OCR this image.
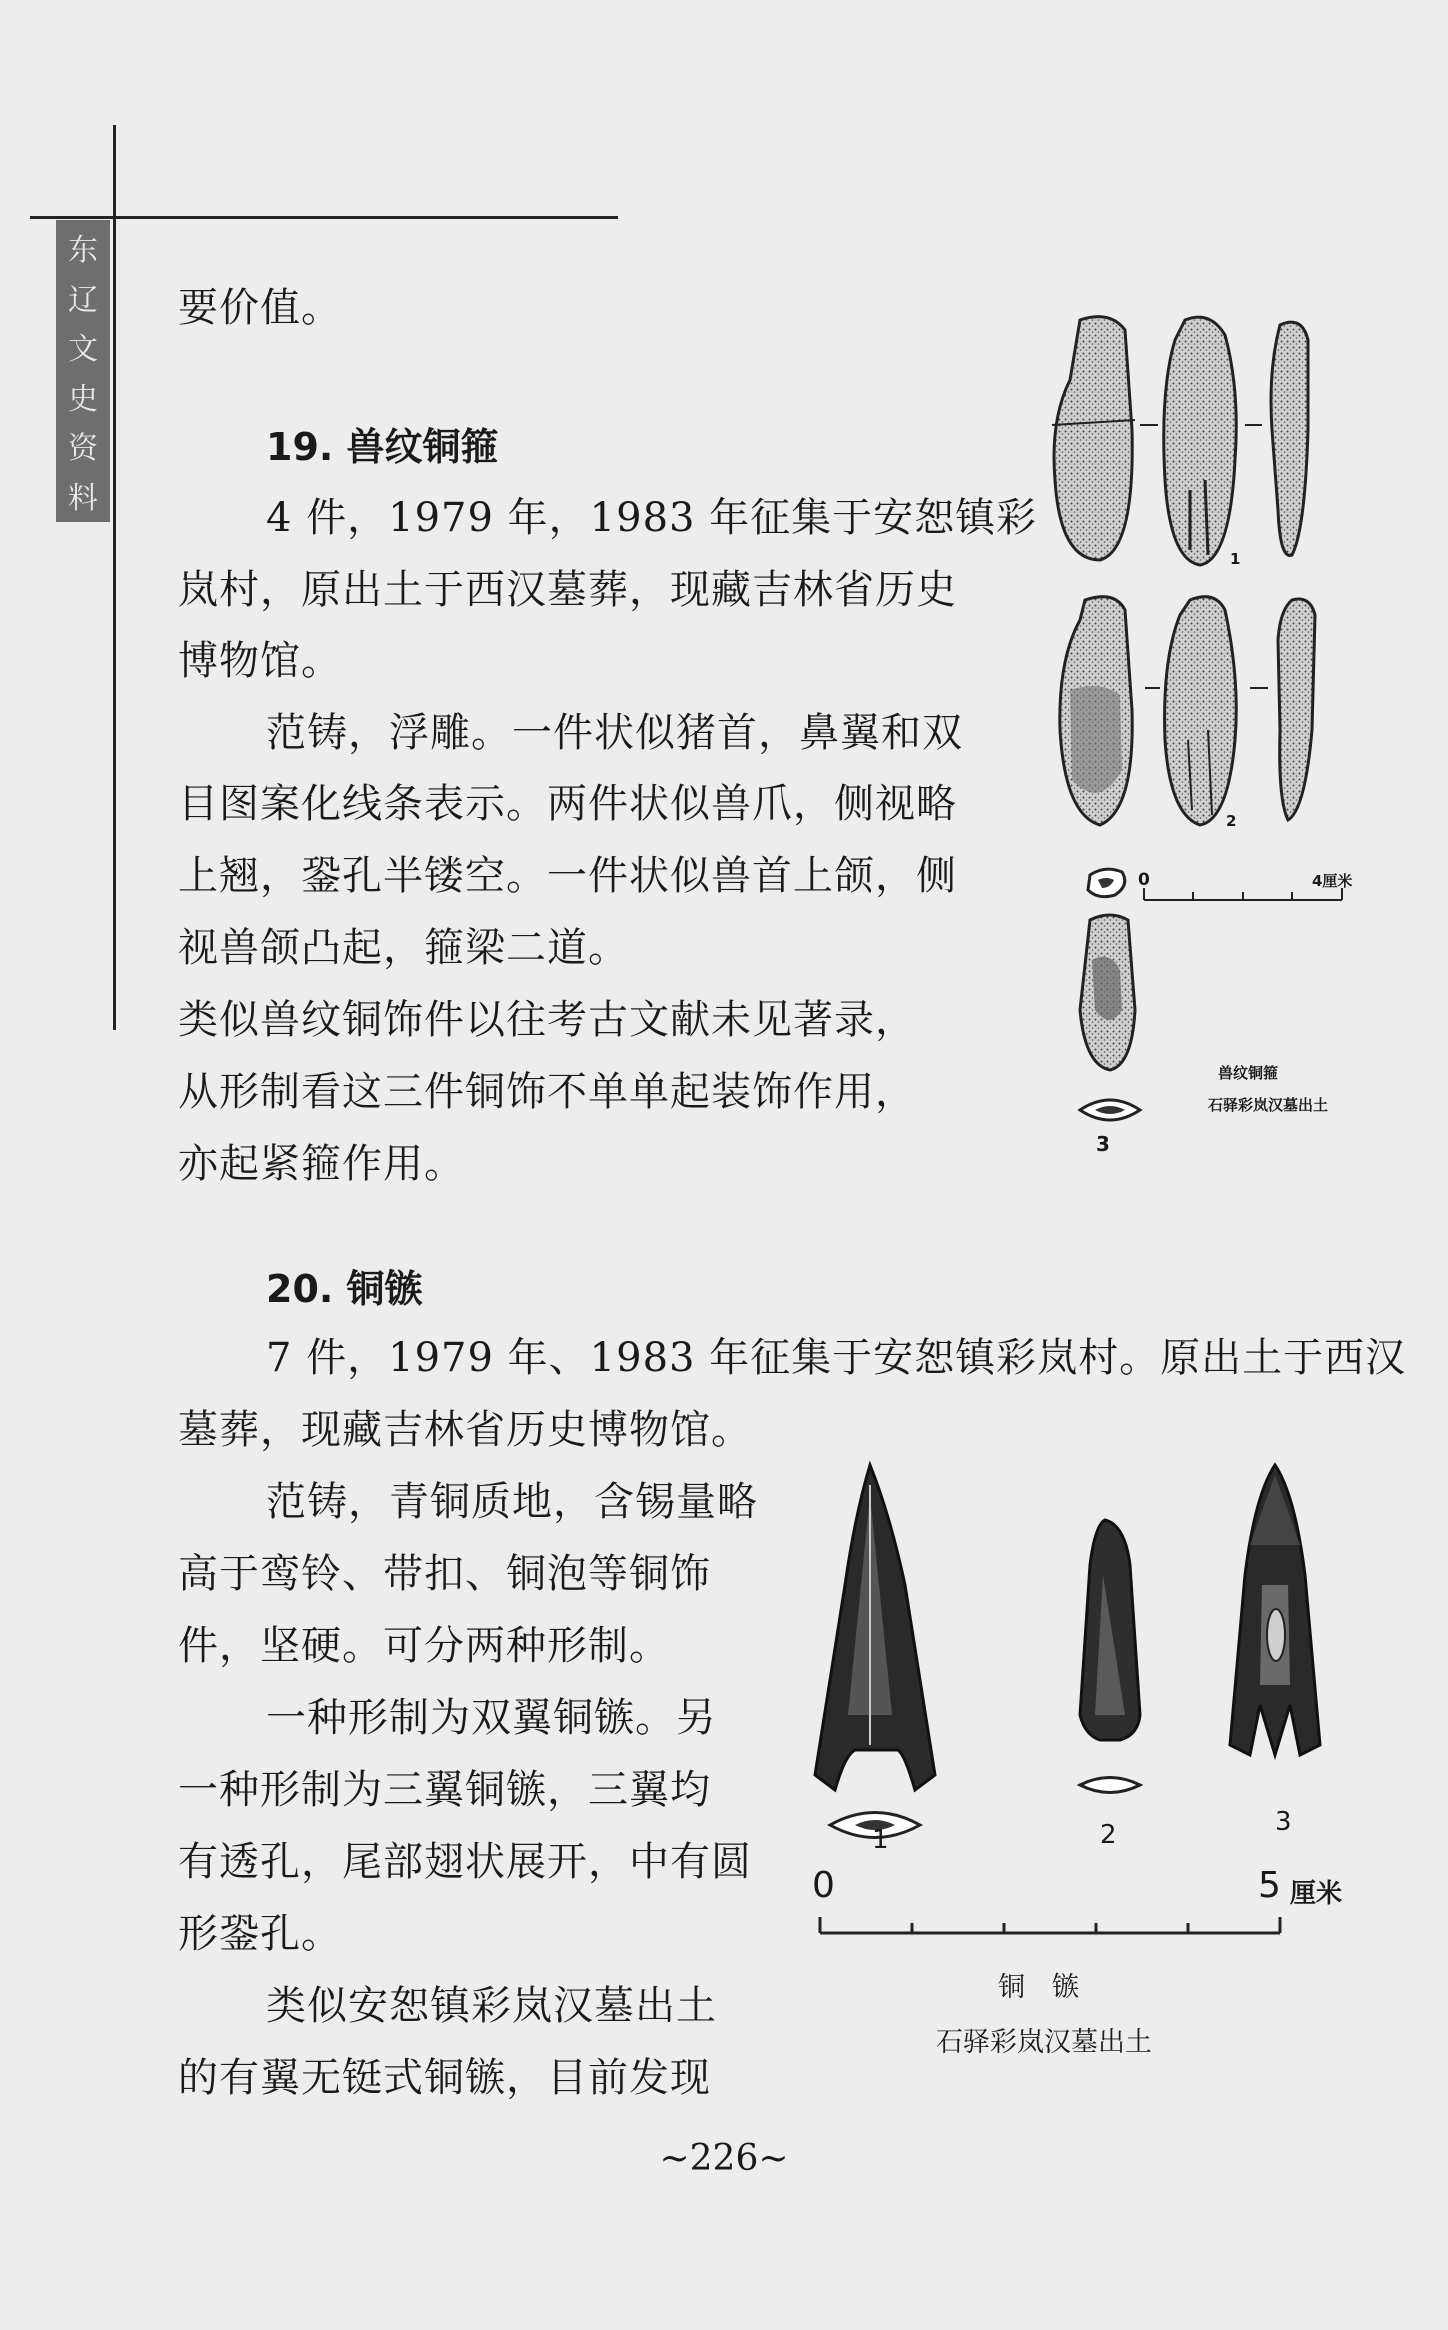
东
辽
文
史
资
料

要价值。

19. 兽纹铜箍

4 件，1979 年，1983 年征集于安恕镇彩

岚村，原出土于西汉墓葬，现藏吉林省历史

博物馆。

范铸，浮雕。一件状似猪首，鼻翼和双

目图案化线条表示。两件状似兽爪，侧视略

上翘，銎孔半镂空。一件状似兽首上颌，侧

视兽颌凸起，箍梁二道。

类似兽纹铜饰件以往考古文献未见著录，

从形制看这三件铜饰不单单起装饰作用，

亦起紧箍作用。

1
2
3
0	4厘米
兽纹铜箍
石驿彩岚汉墓出土
20. 铜镞

7 件，1979 年、1983 年征集于安恕镇彩岚村。原出土于西汉

墓葬，现藏吉林省历史博物馆。

范铸，青铜质地，含锡量略

高于鸾铃、带扣、铜泡等铜饰

件，坚硬。可分两种形制。

一种形制为双翼铜镞。另

一种形制为三翼铜镞，三翼均

有透孔，尾部翅状展开，中有圆

形銎孔。

类似安恕镇彩岚汉墓出土

的有翼无铤式铜镞，目前发现

1	2	3
0	5 厘米
铜　镞
石驿彩岚汉墓出土
~226~
